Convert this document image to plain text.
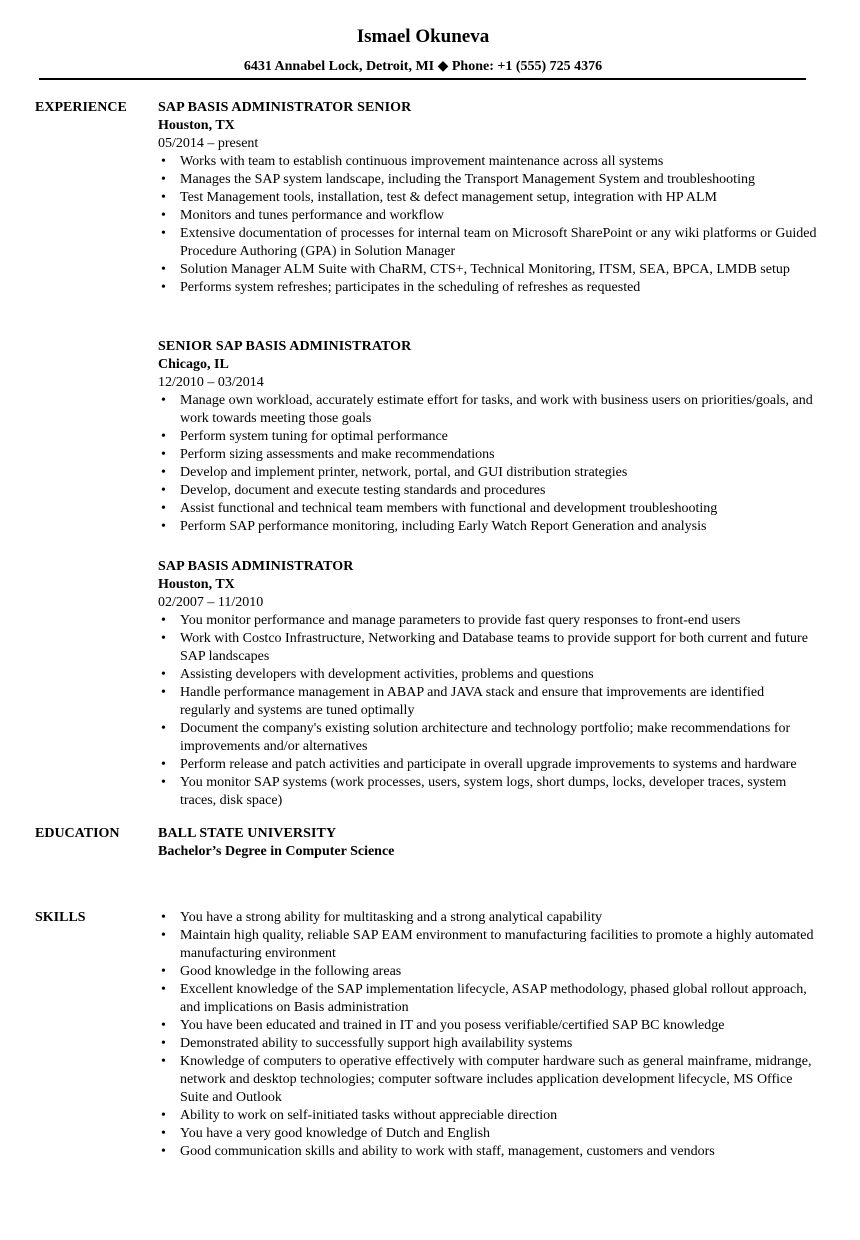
Ismael Okuneva
6431 Annabel Lock, Detroit, MI ◆ Phone: +1 (555) 725 4376
EXPERIENCE SAP BASIS ADMINISTRATOR SENIOR
Houston, TX
05/2014 – present
• Works with team to establish continuous improvement maintenance across all systems
• Manages the SAP system landscape, including the Transport Management System and troubleshooting
• Test Management tools, installation, test & defect management setup, integration with HP ALM
• Monitors and tunes performance and workflow
• Extensive documentation of processes for internal team on Microsoft SharePoint or any wiki platforms or Guided Procedure Authoring (GPA) in Solution Manager
• Solution Manager ALM Suite with ChaRM, CTS+, Technical Monitoring, ITSM, SEA, BPCA, LMDB setup
• Performs system refreshes; participates in the scheduling of refreshes as requested
SENIOR SAP BASIS ADMINISTRATOR
Chicago, IL
12/2010 – 03/2014
• Manage own workload, accurately estimate effort for tasks, and work with business users on priorities/goals, and work towards meeting those goals
• Perform system tuning for optimal performance
• Perform sizing assessments and make recommendations
• Develop and implement printer, network, portal, and GUI distribution strategies
• Develop, document and execute testing standards and procedures
• Assist functional and technical team members with functional and development troubleshooting
• Perform SAP performance monitoring, including Early Watch Report Generation and analysis
SAP BASIS ADMINISTRATOR
Houston, TX
02/2007 – 11/2010
• You monitor performance and manage parameters to provide fast query responses to front-end users
• Work with Costco Infrastructure, Networking and Database teams to provide support for both current and future SAP landscapes
• Assisting developers with development activities, problems and questions
• Handle performance management in ABAP and JAVA stack and ensure that improvements are identified regularly and systems are tuned optimally
• Document the company's existing solution architecture and technology portfolio; make recommendations for improvements and/or alternatives
• Perform release and patch activities and participate in overall upgrade improvements to systems and hardware
• You monitor SAP systems (work processes, users, system logs, short dumps, locks, developer traces, system traces, disk space)
EDUCATION	BALL STATE UNIVERSITY
Bachelor’s Degree in Computer Science
SKILLS
•	You have a strong ability for multitasking and a strong analytical capability
• Maintain high quality, reliable SAP EAM environment to manufacturing facilities to promote a highly automated manufacturing environment
• Good knowledge in the following areas
• Excellent knowledge of the SAP implementation lifecycle, ASAP methodology, phased global rollout approach, and implications on Basis administration
• You have been educated and trained in IT and you posess verifiable/certified SAP BC knowledge
• Demonstrated ability to successfully support high availability systems
• Knowledge of computers to operative effectively with computer hardware such as general mainframe, midrange, network and desktop technologies; computer software includes application development lifecycle, MS Office Suite and Outlook
• Ability to work on self-initiated tasks without appreciable direction
• You have a very good knowledge of Dutch and English
• Good communication skills and ability to work with staff, management, customers and vendors
